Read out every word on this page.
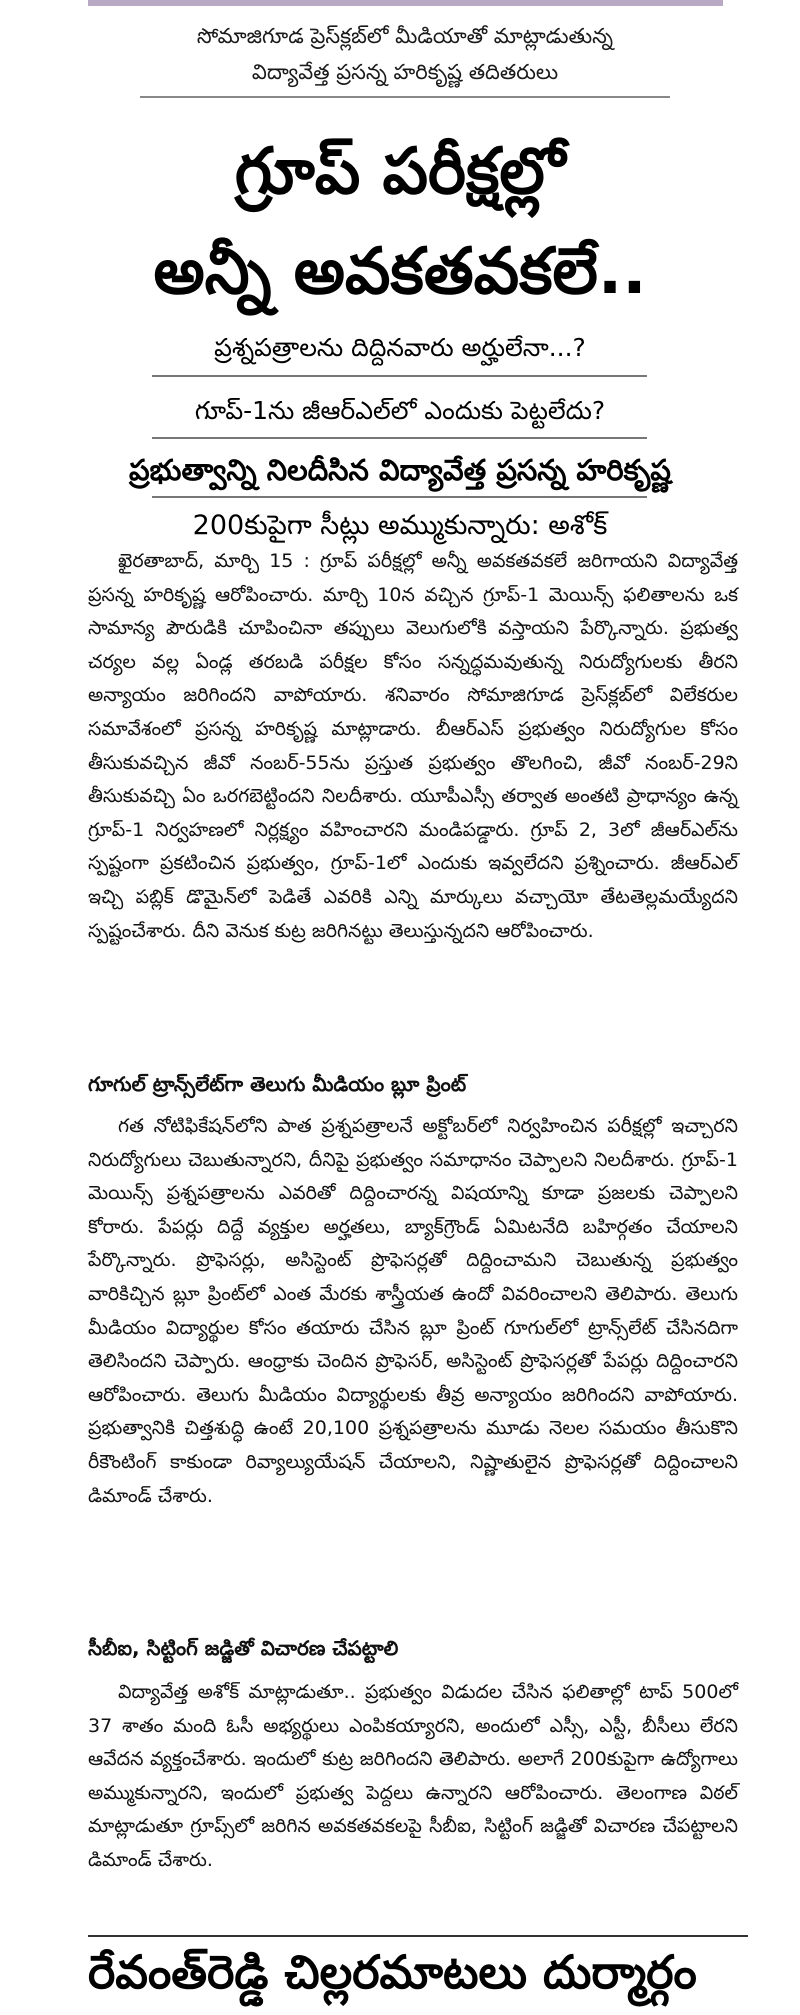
సోమాజిగూడ ప్రెస్‌క్లబ్‌లో మీడియాతో మాట్లాడుతున్న
విద్యావేత్త ప్రసన్న హరికృష్ణ తదితరులు
గ్రూప్ పరీక్షల్లో
అన్నీ అవకతవకలే..
ప్రశ్నపత్రాలను దిద్దినవారు అర్హులేనా...?
గూప్-1ను జీఆర్‌ఎల్‌లో ఎందుకు పెట్టలేదు?
ప్రభుత్వాన్ని నిలదీసిన విద్యావేత్త ప్రసన్న హరికృష్ణ
200కుపైగా సీట్లు అమ్ముకున్నారు: అశోక్

ఖైరతాబాద్, మార్చి 15 : గ్రూప్ పరీక్షల్లో అన్నీ అవకతవకలే జరిగాయని విద్యావేత్త ప్రసన్న హరికృష్ణ ఆరోపించారు. మార్చి 10న వచ్చిన గ్రూప్-1 మెయిన్స్ ఫలితాలను ఒక సామాన్య పౌరుడికి చూపించినా తప్పులు వెలుగులోకి వస్తాయని పేర్కొన్నారు. ప్రభుత్వ చర్యల వల్ల ఏండ్ల తరబడి పరీక్షల కోసం సన్నద్ధమవుతున్న నిరుద్యోగులకు తీరని అన్యాయం జరిగిందని వాపోయారు. శనివారం సోమాజిగూడ ప్రెస్‌క్లబ్‌లో విలేకరుల సమావేశంలో ప్రసన్న హరికృష్ణ మాట్లాడారు. బీఆర్‌ఎస్ ప్రభుత్వం నిరుద్యోగుల కోసం తీసుకువచ్చిన జీవో నంబర్-55ను ప్రస్తుత ప్రభుత్వం తొలగించి, జీవో నంబర్-29ని తీసుకువచ్చి ఏం ఒరగబెట్టిందని నిలదీశారు. యూపీఎస్సీ తర్వాత అంతటి ప్రాధాన్యం ఉన్న గ్రూప్-1 నిర్వహణలో నిర్లక్ష్యం వహించారని మండిపడ్డారు. గ్రూప్ 2, 3లో జీఆర్‌ఎల్‌ను స్పష్టంగా ప్రకటించిన ప్రభుత్వం, గ్రూప్-1లో ఎందుకు ఇవ్వలేదని ప్రశ్నించారు. జీఆర్‌ఎల్ ఇచ్చి పబ్లిక్ డొమైన్‌లో పెడితే ఎవరికి ఎన్ని మార్కులు వచ్చాయో తేటతెల్లమయ్యేదని స్పష్టంచేశారు. దీని వెనుక కుట్ర జరిగినట్టు తెలుస్తున్నదని ఆరోపించారు.

గూగుల్ ట్రాన్స్‌లేట్‌గా తెలుగు మీడియం బ్లూ ప్రింట్

గత నోటిఫికేషన్‌లోని పాత ప్రశ్నపత్రాలనే అక్టోబర్‌లో నిర్వహించిన పరీక్షల్లో ఇచ్చారని నిరుద్యోగులు చెబుతున్నారని, దీనిపై ప్రభుత్వం సమాధానం చెప్పాలని నిలదీశారు. గ్రూప్-1 మెయిన్స్ ప్రశ్నపత్రాలను ఎవరితో దిద్దించారన్న విషయాన్ని కూడా ప్రజలకు చెప్పాలని కోరారు. పేపర్లు దిద్దే వ్యక్తుల అర్హతలు, బ్యాక్‌గ్రౌండ్ ఏమిటనేది బహిర్గతం చేయాలని పేర్కొన్నారు. ప్రొఫెసర్లు, అసిస్టెంట్ ప్రొఫెసర్లతో దిద్దించామని చెబుతున్న ప్రభుత్వం వారికిచ్చిన బ్లూ ప్రింట్‌లో ఎంత మేరకు శాస్త్రీయత ఉందో వివరించాలని తెలిపారు. తెలుగు మీడియం విద్యార్థుల కోసం తయారు చేసిన బ్లూ ప్రింట్ గూగుల్‌లో ట్రాన్స్‌లేట్ చేసినదిగా తెలిసిందని చెప్పారు. ఆంధ్రాకు చెందిన ప్రొఫెసర్, అసిస్టెంట్ ప్రొఫెసర్లతో పేపర్లు దిద్దించారని ఆరోపించారు. తెలుగు మీడియం విద్యార్థులకు తీవ్ర అన్యాయం జరిగిందని వాపోయారు. ప్రభుత్వానికి చిత్తశుద్ధి ఉంటే 20,100 ప్రశ్నపత్రాలను మూడు నెలల సమయం తీసుకొని రీకౌంటింగ్ కాకుండా రివ్యాల్యుయేషన్ చేయాలని, నిష్ణాతులైన ప్రొఫెసర్లతో దిద్దించాలని డిమాండ్ చేశారు.

సీబీఐ, సిట్టింగ్ జడ్జితో విచారణ చేపట్టాలి

విద్యావేత్త అశోక్ మాట్లాడుతూ.. ప్రభుత్వం విడుదల చేసిన ఫలితాల్లో టాప్ 500లో 37 శాతం మంది ఓసీ అభ్యర్థులు ఎంపికయ్యారని, అందులో ఎస్సీ, ఎస్టీ, బీసీలు లేరని ఆవేదన వ్యక్తంచేశారు. ఇందులో కుట్ర జరిగిందని తెలిపారు. అలాగే 200కుపైగా ఉద్యోగాలు అమ్ముకున్నారని, ఇందులో ప్రభుత్వ పెద్దలు ఉన్నారని ఆరోపించారు. తెలంగాణ విఠల్ మాట్లాడుతూ గ్రూప్స్‌లో జరిగిన అవకతవకలపై సీబీఐ, సిట్టింగ్ జడ్జితో విచారణ చేపట్టాలని డిమాండ్ చేశారు.

రేవంత్‌రెడ్డి చిల్లరమాటలు దుర్మార్గం
